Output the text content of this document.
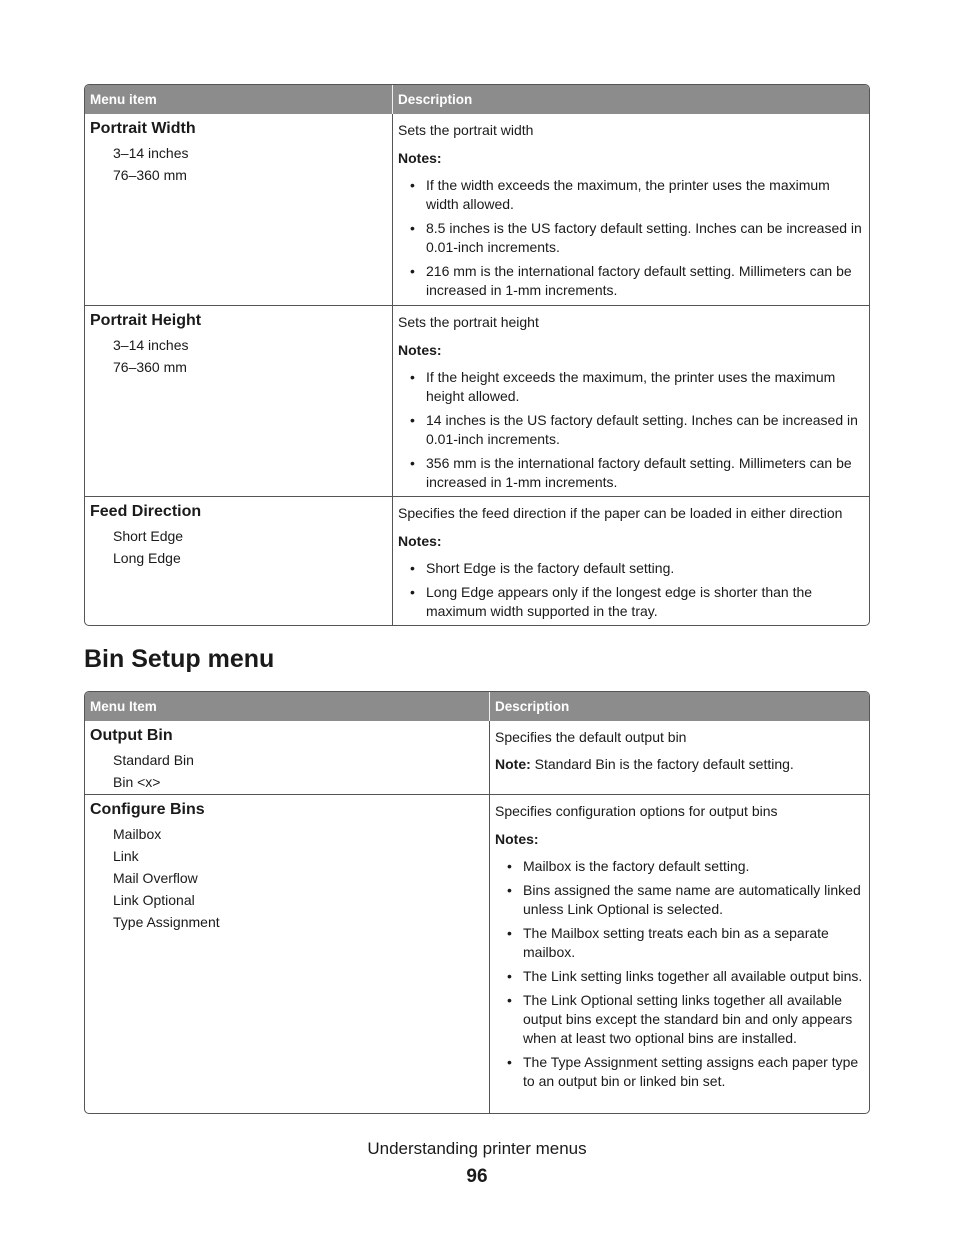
Menu item	Description
Portrait Width
3–14 inches
76–360 mm
Sets the portrait width
Notes:
• If the width exceeds the maximum, the printer uses the maximum width allowed.
• 8.5 inches is the US factory default setting. Inches can be increased in 0.01-inch increments.
• 216 mm is the international factory default setting. Millimeters can be increased in 1-mm increments.
Portrait Height
3–14 inches
76–360 mm
Sets the portrait height
Notes:
• If the height exceeds the maximum, the printer uses the maximum height allowed.
• 14 inches is the US factory default setting. Inches can be increased in 0.01-inch increments.
• 356 mm is the international factory default setting. Millimeters can be increased in 1-mm increments.
Feed Direction
Short Edge
Long Edge
Specifies the feed direction if the paper can be loaded in either direction
Notes:
• Short Edge is the factory default setting.
• Long Edge appears only if the longest edge is shorter than the maximum width supported in the tray.
Bin Setup menu
Menu Item	Description
Output Bin
Standard Bin
Bin <x>
Specifies the default output bin
Note: Standard Bin is the factory default setting.
Configure Bins
Mailbox
Link
Mail Overflow
Link Optional
Type Assignment
Specifies configuration options for output bins
Notes:
• Mailbox is the factory default setting.
• Bins assigned the same name are automatically linked unless Link Optional is selected.
• The Mailbox setting treats each bin as a separate mailbox.
• The Link setting links together all available output bins.
• The Link Optional setting links together all available output bins except the standard bin and only appears when at least two optional bins are installed.
• The Type Assignment setting assigns each paper type to an output bin or linked bin set.
Understanding printer menus
96
